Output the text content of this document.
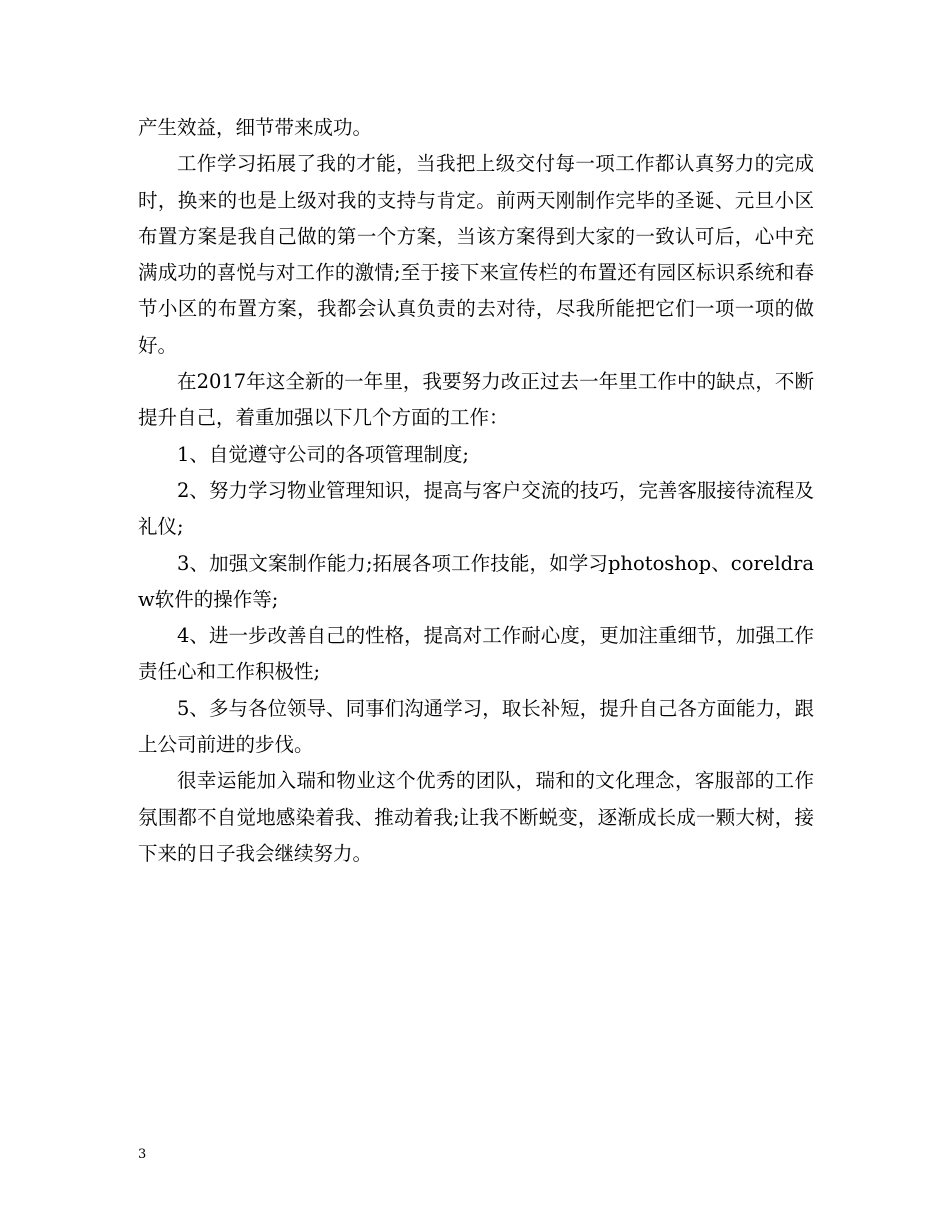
产生效益，细节带来成功。

工作学习拓展了我的才能，当我把上级交付每一项工作都认真努力的完成时，换来的也是上级对我的支持与肯定。前两天刚制作完毕的圣诞、元旦小区布置方案是我自己做的第一个方案，当该方案得到大家的一致认可后，心中充满成功的喜悦与对工作的激情;至于接下来宣传栏的布置还有园区标识系统和春节小区的布置方案，我都会认真负责的去对待，尽我所能把它们一项一项的做好。

在2017年这全新的一年里，我要努力改正过去一年里工作中的缺点，不断提升自己，着重加强以下几个方面的工作：

1、自觉遵守公司的各项管理制度;

2、努力学习物业管理知识，提高与客户交流的技巧，完善客服接待流程及礼仪;

3、加强文案制作能力;拓展各项工作技能，如学习photoshop、coreldraw软件的操作等;

4、进一步改善自己的性格，提高对工作耐心度，更加注重细节，加强工作责任心和工作积极性;

5、多与各位领导、同事们沟通学习，取长补短，提升自己各方面能力，跟上公司前进的步伐。

很幸运能加入瑞和物业这个优秀的团队，瑞和的文化理念，客服部的工作氛围都不自觉地感染着我、推动着我;让我不断蜕变，逐渐成长成一颗大树，接下来的日子我会继续努力。

3
